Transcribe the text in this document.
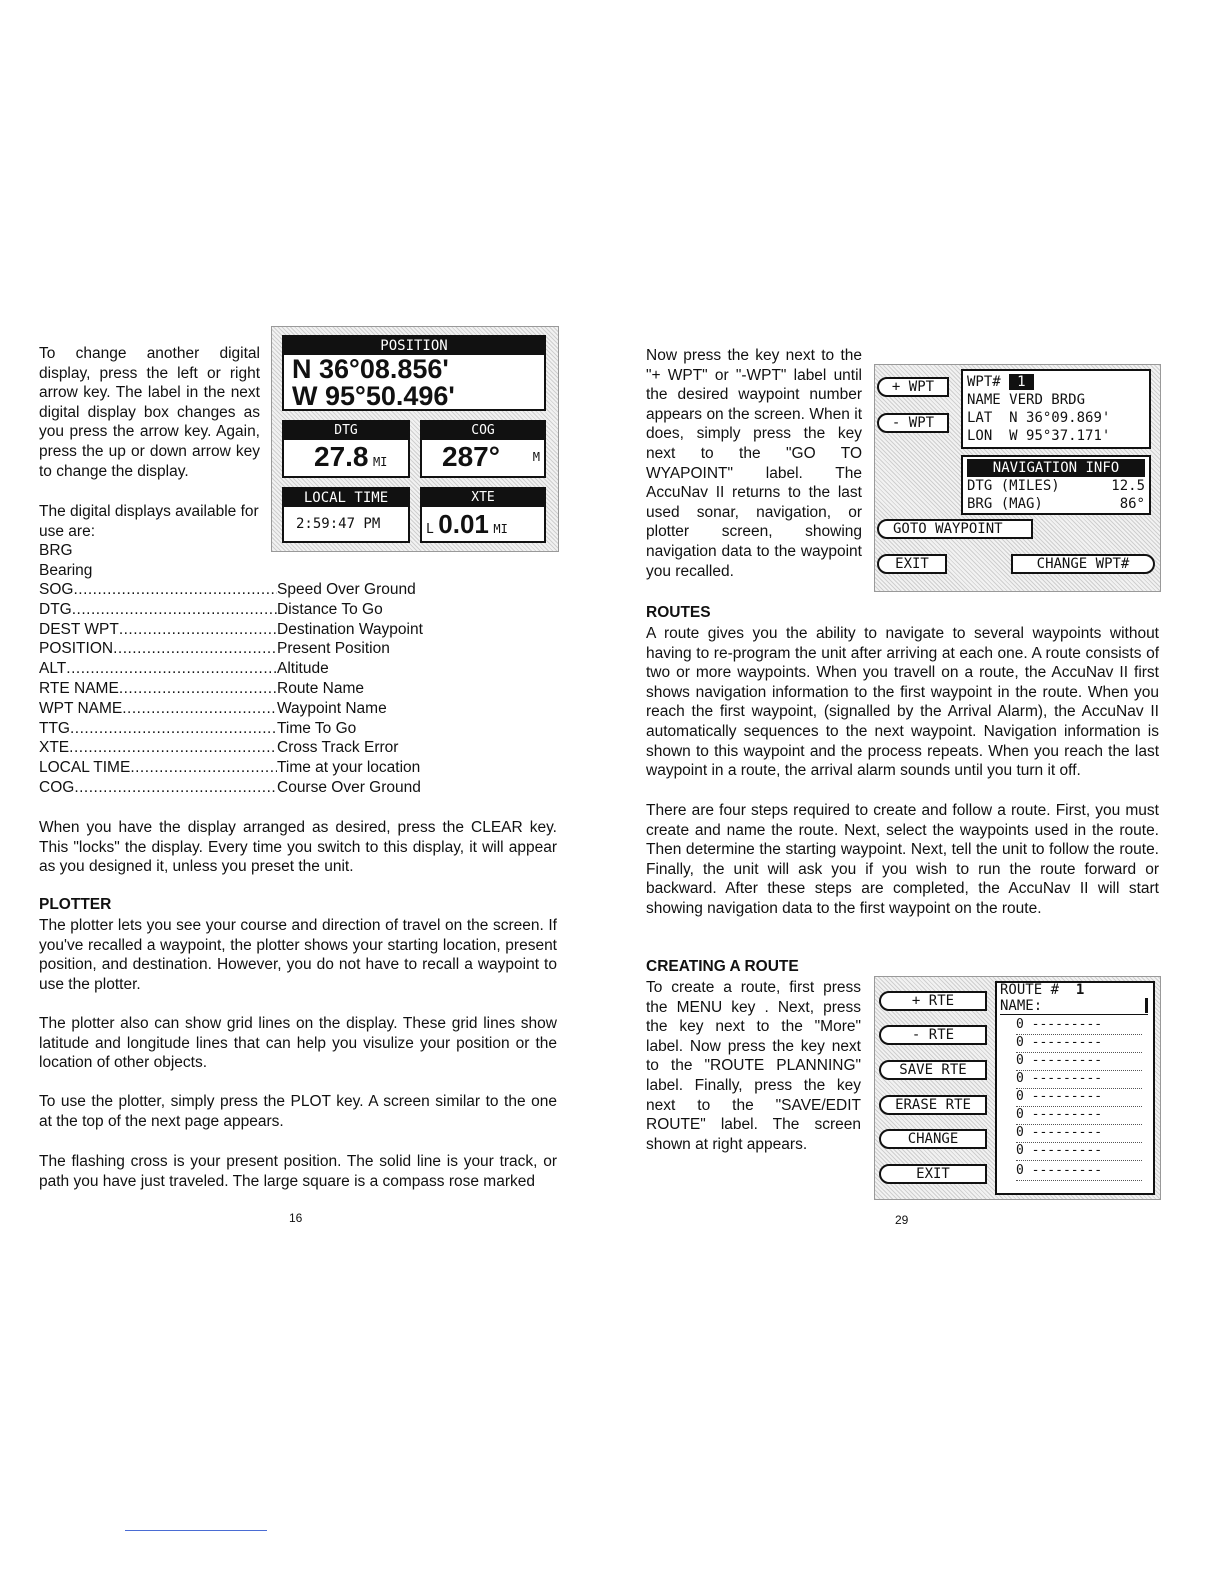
To change another digital display, press the left or right arrow key. The label in the next digital display box changes as you press the arrow key. Again, press the up or down arrow key to change the display.
The digital displays available for use are:
BRG
Bearing
SOG .....	Speed Over Ground
DTG .....	Distance To Go
DEST WPT .....	Destination Waypoint
POSITION .....	Present Position
ALT .....	Altitude
RTE NAME .....	Route Name
WPT NAME .....	Waypoint Name
TTG .....	Time To Go
XTE .....	Cross Track Error
LOCAL TIME .....	Time at your location
COG .....	Course Over Ground
When you have the display arranged as desired, press the CLEAR key. This "locks" the display. Every time you switch to this display, it will appear as you designed it, unless you preset the unit.
PLOTTER
The plotter lets you see your course and direction of travel on the screen. If you've recalled a waypoint, the plotter shows your starting location, present position, and destination. However, you do not have to recall a waypoint to use the plotter.
The plotter also can show grid lines on the display. These grid lines show latitude and longitude lines that can help you visulize your position or the location of other objects.
To use the plotter, simply press the PLOT key. A screen similar to the one at the top of the next page appears.
The flashing cross is your present position. The solid line is your track, or path you have just traveled. The large square is a compass rose marked
16
POSITION
N 36°08.856'
W 95°50.496'
DTG
27.8 MI
COG
287°	M
LOCAL TIME
2:59:47 PM
XTE
L 0.01 MI
Now press the key next to the "+ WPT" or "-WPT" label until the desired waypoint number appears on the screen. When it does, simply press the key next to the "GO TO WYAPOINT" label. The AccuNav II returns to the last used sonar, navigation, or plotter screen, showing navigation data to the waypoint you recalled.
+ WPT
- WPT
WPT# 1
NAME VERD BRDG
LAT N 36°09.869'
LON W 95°37.171'
NAVIGATION INFO
DTG (MILES)	12.5
BRG (MAG)	86°
GOTO WAYPOINT
EXIT	CHANGE WPT#
ROUTES
A route gives you the ability to navigate to several waypoints without having to re-program the unit after arriving at each one. A route consists of two or more waypoints. When you travell on a route, the AccuNav II first shows navigation information to the first waypoint in the route. When you reach the first waypoint, (signalled by the Arrival Alarm), the AccuNav II automatically sequences to the next waypoint. Navigation information is shown to this waypoint and the process repeats. When you reach the last waypoint in a route, the arrival alarm sounds until you turn it off.
There are four steps required to create and follow a route. First, you must create and name the route. Next, select the waypoints used in the route. Then determine the starting waypoint. Next, tell the unit to follow the route. Finally, the unit will ask you if you wish to run the route forward or backward. After these steps are completed, the AccuNav II will start showing navigation data to the first waypoint on the route.
CREATING A ROUTE
To create a route, first press the MENU key . Next, press the key next to the "More" label. Now press the key next to the "ROUTE PLANNING" label. Finally, press the key next to the "SAVE/EDIT ROUTE" label. The screen shown at right appears.
+ RTE
- RTE
SAVE RTE
ERASE RTE
CHANGE
EXIT
ROUTE # 1
NAME:
0 ---------
0 ---------
0 ---------
0 ---------
0 ---------
0 ---------
0 ---------
0 ---------
0 ---------
29
